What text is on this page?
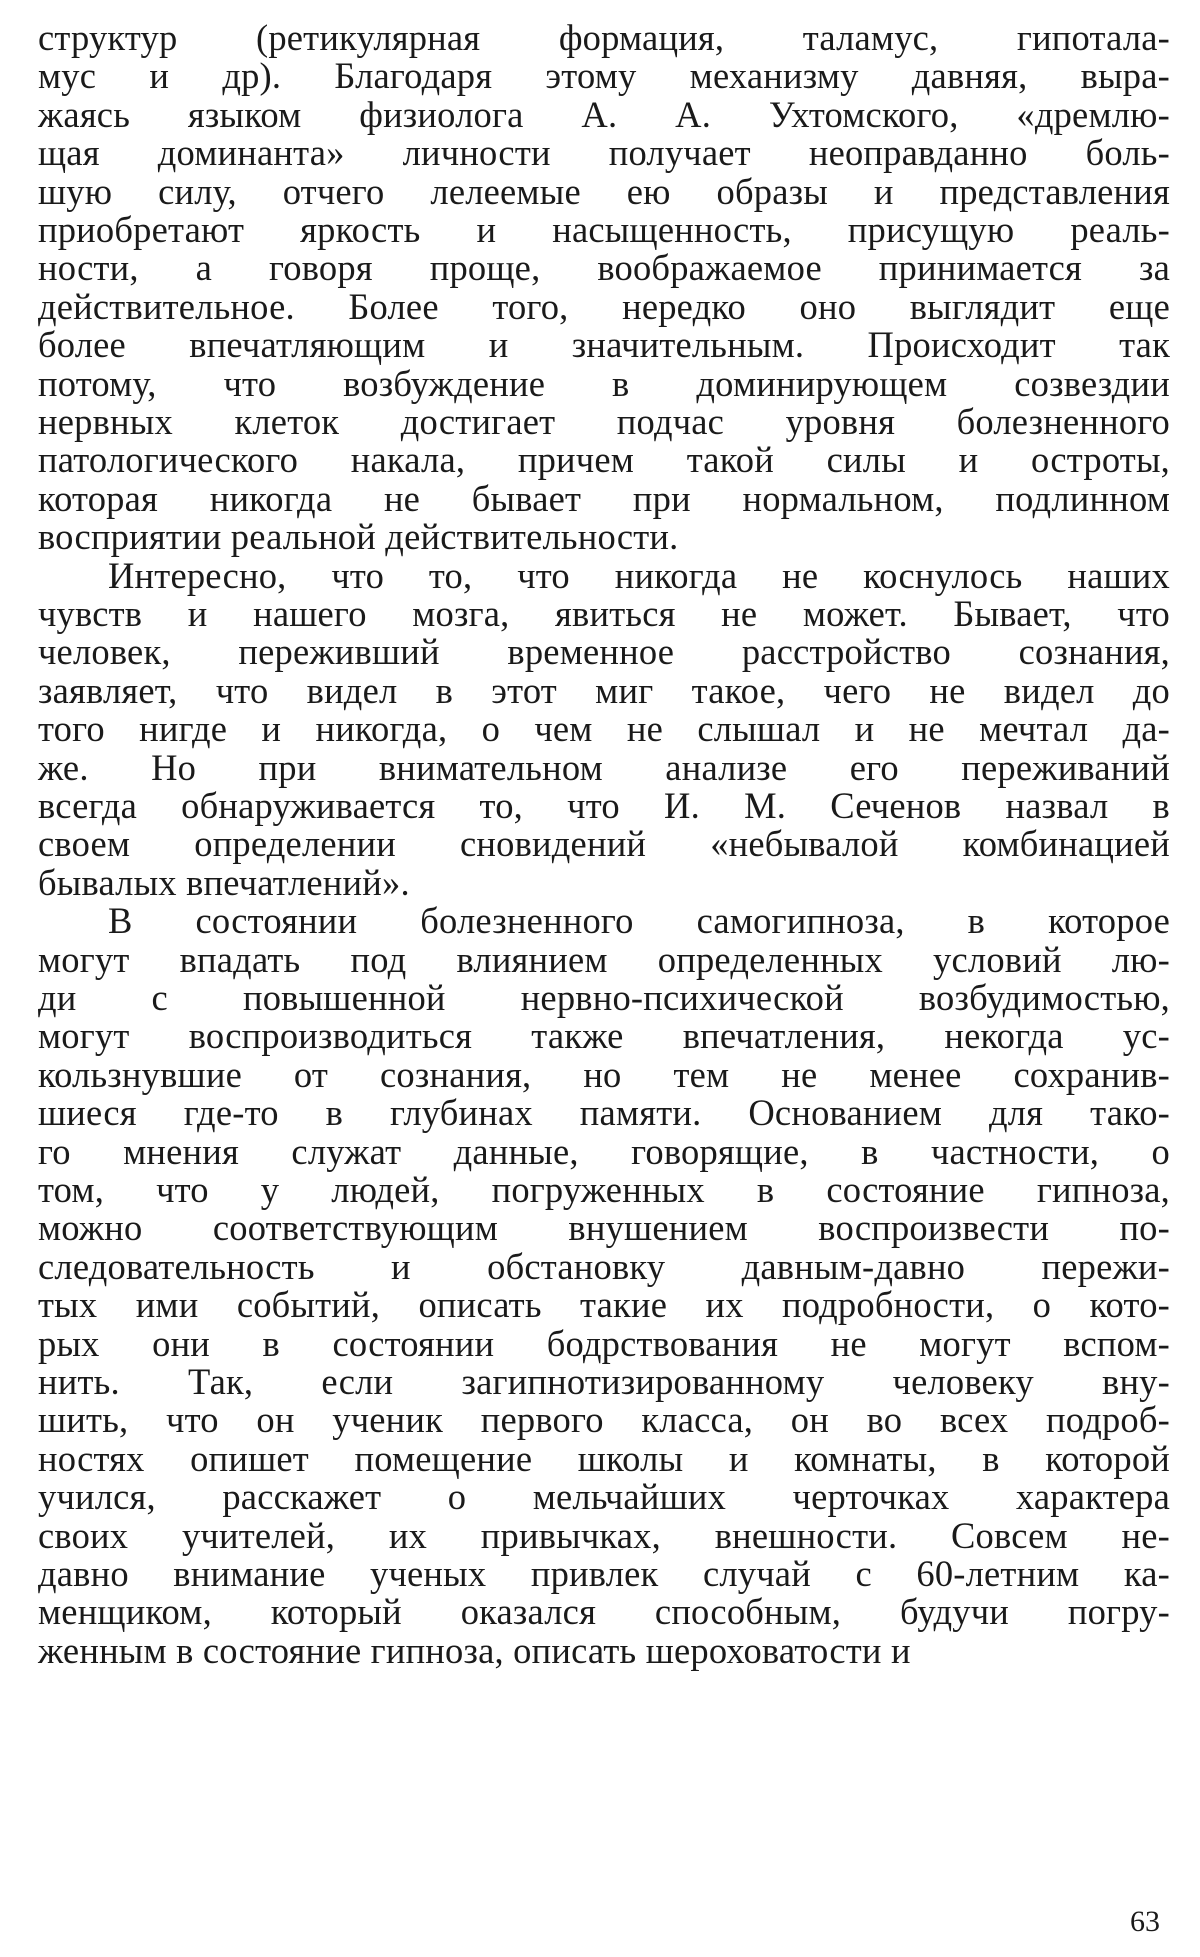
структур (ретикулярная формация, таламус, гипотала-
мус и др). Благодаря этому механизму давняя, выра-
жаясь языком физиолога А. А. Ухтомского, «дремлю-
щая доминанта» личности получает неоправданно боль-
шую силу, отчего лелеемые ею образы и представления
приобретают яркость и насыщенность, присущую реаль-
ности, а говоря проще, воображаемое принимается за
действительное. Более того, нередко оно выглядит еще
более впечатляющим и значительным. Происходит так
потому, что возбуждение в доминирующем созвездии
нервных клеток достигает подчас уровня болезненного
патологического накала, причем такой силы и остроты,
которая никогда не бывает при нормальном, подлинном
восприятии реальной действительности.
Интересно, что то, что никогда не коснулось наших
чувств и нашего мозга, явиться не может. Бывает, что
человек, переживший временное расстройство сознания,
заявляет, что видел в этот миг такое, чего не видел до
того нигде и никогда, о чем не слышал и не мечтал да-
же. Но при внимательном анализе его переживаний
всегда обнаруживается то, что И. М. Сеченов назвал в
своем определении сновидений «небывалой комбинацией
бывалых впечатлений».
В состоянии болезненного самогипноза, в которое
могут впадать под влиянием определенных условий лю-
ди с повышенной нервно-психической возбудимостью,
могут воспроизводиться также впечатления, некогда ус-
кользнувшие от сознания, но тем не менее сохранив-
шиеся где-то в глубинах памяти. Основанием для тако-
го мнения служат данные, говорящие, в частности, о
том, что у людей, погруженных в состояние гипноза,
можно соответствующим внушением воспроизвести по-
следовательность и обстановку давным-давно пережи-
тых ими событий, описать такие их подробности, о кото-
рых они в состоянии бодрствования не могут вспом-
нить. Так, если загипнотизированному человеку вну-
шить, что он ученик первого класса, он во всех подроб-
ностях опишет помещение школы и комнаты, в которой
учился, расскажет о мельчайших черточках характера
своих учителей, их привычках, внешности. Совсем не-
давно внимание ученых привлек случай с 60-летним ка-
менщиком, который оказался способным, будучи погру-
женным в состояние гипноза, описать шероховатости и
63
